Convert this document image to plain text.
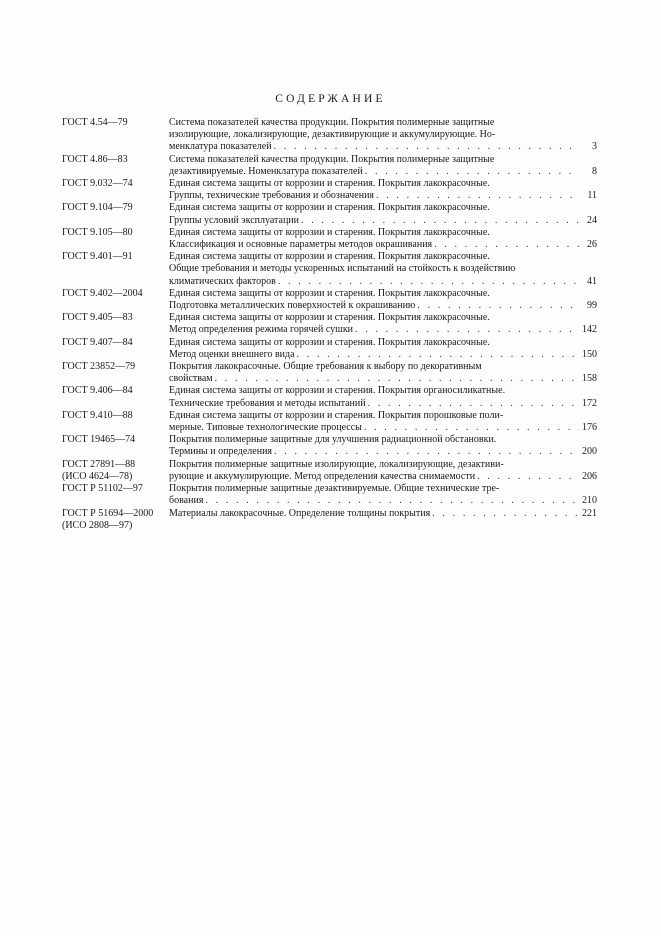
СОДЕРЖАНИЕ
ГОСТ 4.54—79	Система показателей качества продукции. Покрытия полимерные защитные
изолирующие, локализирующие, дезактивирующие и аккумулирующие. Но-
менклатура показателей . . .	3
ГОСТ 4.86—83	Система показателей качества продукции. Покрытия полимерные защитные
дезактивируемые. Номенклатура показателей . . .	8
ГОСТ 9.032—74	Единая система защиты от коррозии и старения. Покрытия лакокрасочные.
Группы, технические требования и обозначения . . .	11
ГОСТ 9.104—79	Единая система защиты от коррозии и старения. Покрытия лакокрасочные.
Группы условий эксплуатации . . .	24
ГОСТ 9.105—80	Единая система защиты от коррозии и старения. Покрытия лакокрасочные.
Классификация и основные параметры методов окрашивания . . .	26
ГОСТ 9.401—91	Единая система защиты от коррозии и старения. Покрытия лакокрасочные.
Общие требования и методы ускоренных испытаний на стойкость к воздействию
климатических факторов . . .	41
ГОСТ 9.402—2004	Единая система защиты от коррозии и старения. Покрытия лакокрасочные.
Подготовка металлических поверхностей к окрашиванию . . .	99
ГОСТ 9.405—83	Единая система защиты от коррозии и старения. Покрытия лакокрасочные.
Метод определения режима горячей сушки . . .	142
ГОСТ 9.407—84	Единая система защиты от коррозии и старения. Покрытия лакокрасочные.
Метод оценки внешнего вида . . .	150
ГОСТ 23852—79	Покрытия лакокрасочные. Общие требования к выбору по декоративным
свойствам . . .	158
ГОСТ 9.406—84	Единая система защиты от коррозии и старения. Покрытия органосиликатные.
Технические требования и методы испытаний . . .	172
ГОСТ 9.410—88	Единая система защиты от коррозии и старения. Покрытия порошковые поли-
мерные. Типовые технологические процессы . . .	176
ГОСТ 19465—74	Покрытия полимерные защитные для улучшения радиационной обстановки.
Термины и определения . . .	200
ГОСТ 27891—88
(ИСО 4624—78)
Покрытия полимерные защитные изолирующие, локализирующие, дезактиви-
рующие и аккумулирующие. Метод определения качества снимаемости . . .	206
ГОСТ Р 51102—97	Покрытия полимерные защитные дезактивируемые. Общие технические тре-
бования . . .	210
ГОСТ Р 51694—2000
(ИСО 2808—97)
Материалы лакокрасочные. Определение толщины покрытия . . .	221
